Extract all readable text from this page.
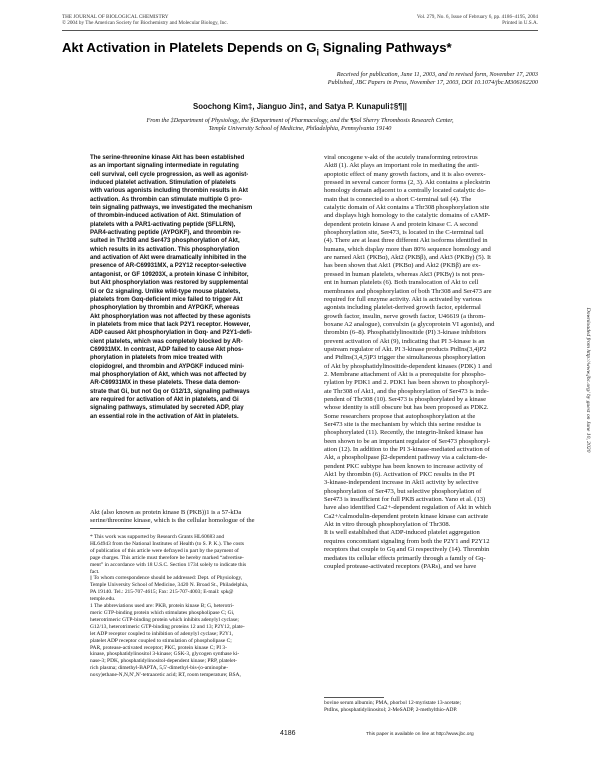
THE JOURNAL OF BIOLOGICAL CHEMISTRY
© 2004 by The American Society for Biochemistry and Molecular Biology, Inc.
Vol. 279, No. 6, Issue of February 6, pp. 4186–4195, 2004
Printed in U.S.A.
Akt Activation in Platelets Depends on $G_i$ Signaling Pathways*
Received for publication, June 11, 2003, and in revised form, November 17, 2003
Published, JBC Papers in Press, November 17, 2003, DOI 10.1074/jbc.M306162200
Soochong Kim‡, Jianguo Jin‡, and Satya P. Kunapuli‡§¶||
From the ‡Department of Physiology, the §Department of Pharmacology, and the ¶Sol Sherry Thrombosis Research Center, Temple University School of Medicine, Philadelphia, Pennsylvania 19140
The serine-threonine kinase Akt has been established
as an important signaling intermediate in regulating
cell survival, cell cycle progression, as well as agonist-
induced platelet activation. Stimulation of platelets
with various agonists including thrombin results in Akt
activation. As thrombin can stimulate multiple G pro-
tein signaling pathways, we investigated the mechanism
of thrombin-induced activation of Akt. Stimulation of
platelets with a PAR1-activating peptide (SFLLRN),
PAR4-activating peptide (AYPGKF), and thrombin re-
sulted in Thr308 and Ser473 phosphorylation of Akt,
which results in its activation. This phosphorylation
and activation of Akt were dramatically inhibited in the
presence of AR-C69931MX, a P2Y12 receptor-selective
antagonist, or GF 109203X, a protein kinase C inhibitor,
but Akt phosphorylation was restored by supplemental
Gi or Gz signaling. Unlike wild-type mouse platelets,
platelets from Gαq-deficient mice failed to trigger Akt
phosphorylation by thrombin and AYPGKF, whereas
Akt phosphorylation was not affected by these agonists
in platelets from mice that lack P2Y1 receptor. However,
ADP caused Akt phosphorylation in Gαq- and P2Y1-defi-
cient platelets, which was completely blocked by AR-
C69931MX. In contrast, ADP failed to cause Akt phos-
phorylation in platelets from mice treated with
clopidogrel, and thrombin and AYPGKF induced mini-
mal phosphorylation of Akt, which was not affected by
AR-C69931MX in these platelets. These data demon-
strate that Gi, but not Gq or G12/13, signaling pathways
are required for activation of Akt in platelets, and Gi
signaling pathways, stimulated by secreted ADP, play
an essential role in the activation of Akt in platelets.
Akt (also known as protein kinase B (PKB))1 is a 57-kDa
serine/threonine kinase, which is the cellular homologue of the
* This work was supported by Research Grants HL60683 and
HL64943 from the National Institutes of Health (to S. P. K.). The costs
of publication of this article were defrayed in part by the payment of
page charges. This article must therefore be hereby marked “advertise-
ment” in accordance with 18 U.S.C. Section 1734 solely to indicate this
fact.
|| To whom correspondence should be addressed: Dept. of Physiology,
Temple University School of Medicine, 3420 N. Broad St., Philadelphia,
PA 19140. Tel.: 215-707-4615; Fax: 215-707-4003; E-mail: spk@
temple.edu.
1 The abbreviations used are: PKB, protein kinase B; G, heterotri-
meric GTP-binding protein which stimulates phospholipase C; Gi,
heterotrimeric GTP-binding protein which inhibits adenylyl cyclase;
G12/13, heterotrimeric GTP-binding proteins 12 and 13; P2Y12, plate-
let ADP receptor coupled to inhibition of adenylyl cyclase; P2Y1,
platelet ADP receptor coupled to stimulation of phospholipase C;
PAR, protease-activated receptor; PKC, protein kinase C; PI 3-
kinase, phosphatidylinositol 3-kinase; GSK-3, glycogen synthase ki-
nase-3; PDK, phosphatidylinositol-dependent kinase; PRP, platelet-
rich plasma; dimethyl-BAPTA, 5,5′-dimethyl-bis-(o-aminophe-
noxy)ethane-N,N,N′,N′-tetraacetic acid; RT, room temperature; BSA,
viral oncogene v-akt of the acutely transforming retrovirus
Akt8 (1). Akt plays an important role in mediating the anti-
apoptotic effect of many growth factors, and it is also overex-
pressed in several cancer forms (2, 3). Akt contains a pleckstrin
homology domain adjacent to a centrally located catalytic do-
main that is connected to a short C-terminal tail (4). The
catalytic domain of Akt contains a Thr308 phosphorylation site
and displays high homology to the catalytic domains of cAMP-
dependent protein kinase A and protein kinase C. A second
phosphorylation site, Ser473, is located in the C-terminal tail
(4). There are at least three different Akt isoforms identified in
humans, which display more than 80% sequence homology and
are named Akt1 (PKBα), Akt2 (PKBβ), and Akt3 (PKBγ) (5). It
has been shown that Akt1 (PKBα) and Akt2 (PKBβ) are ex-
pressed in human platelets, whereas Akt3 (PKBγ) is not pres-
ent in human platelets (6). Both translocation of Akt to cell
membranes and phosphorylation of both Thr308 and Ser473 are
required for full enzyme activity. Akt is activated by various
agonists including platelet-derived growth factor, epidermal
growth factor, insulin, nerve growth factor, U46619 (a throm-
boxane A2 analogue), convulxin (a glycoprotein VI agonist), and
thrombin (6–8). Phosphatidylinositide (PI) 3-kinase inhibitors
prevent activation of Akt (9), indicating that PI 3-kinase is an
upstream regulator of Akt. PI 3-kinase products PtdIns(3,4)P2
and PtdIns(3,4,5)P3 trigger the simultaneous phosphorylation
of Akt by phosphatidylinositide-dependent kinases (PDK) 1 and
2. Membrane attachment of Akt is a prerequisite for phospho-
rylation by PDK1 and 2. PDK1 has been shown to phosphoryl-
ate Thr308 of Akt1, and the phosphorylation of Ser473 is inde-
pendent of Thr308 (10). Ser473 is phosphorylated by a kinase
whose identity is still obscure but has been proposed as PDK2.
Some researchers propose that autophosphorylation at the
Ser473 site is the mechanism by which this serine residue is
phosphorylated (11). Recently, the integrin-linked kinase has
been shown to be an important regulator of Ser473 phosphoryl-
ation (12). In addition to the PI 3-kinase-mediated activation of
Akt, a phospholipase β2-dependent pathway via a calcium-de-
pendent PKC subtype has been known to increase activity of
Akt1 by thrombin (6). Activation of PKC results in the PI
3-kinase-independent increase in Akt1 activity by selective
phosphorylation of Ser473, but selective phosphorylation of
Ser473 is insufficient for full PKB activation. Yano et al. (13)
have also identified Ca2+-dependent regulation of Akt in which
Ca2+/calmodulin-dependent protein kinase kinase can activate
Akt in vitro through phosphorylation of Thr308.
It is well established that ADP-induced platelet aggregation
requires concomitant signaling from both the P2Y1 and P2Y12
receptors that couple to Gq and Gi respectively (14). Thrombin
mediates its cellular effects primarily through a family of Gq-
coupled protease-activated receptors (PARs), and we have
bovine serum albumin; PMA, phorbol 12-myristate 13-acetate;
PtdIns, phosphatidylinositol; 2-MeSADP, 2-methylthio-ADP.
4186	This paper is available on line at http://www.jbc.org
Downloaded from http://www.jbc.org/ by guest on June 10, 2020
